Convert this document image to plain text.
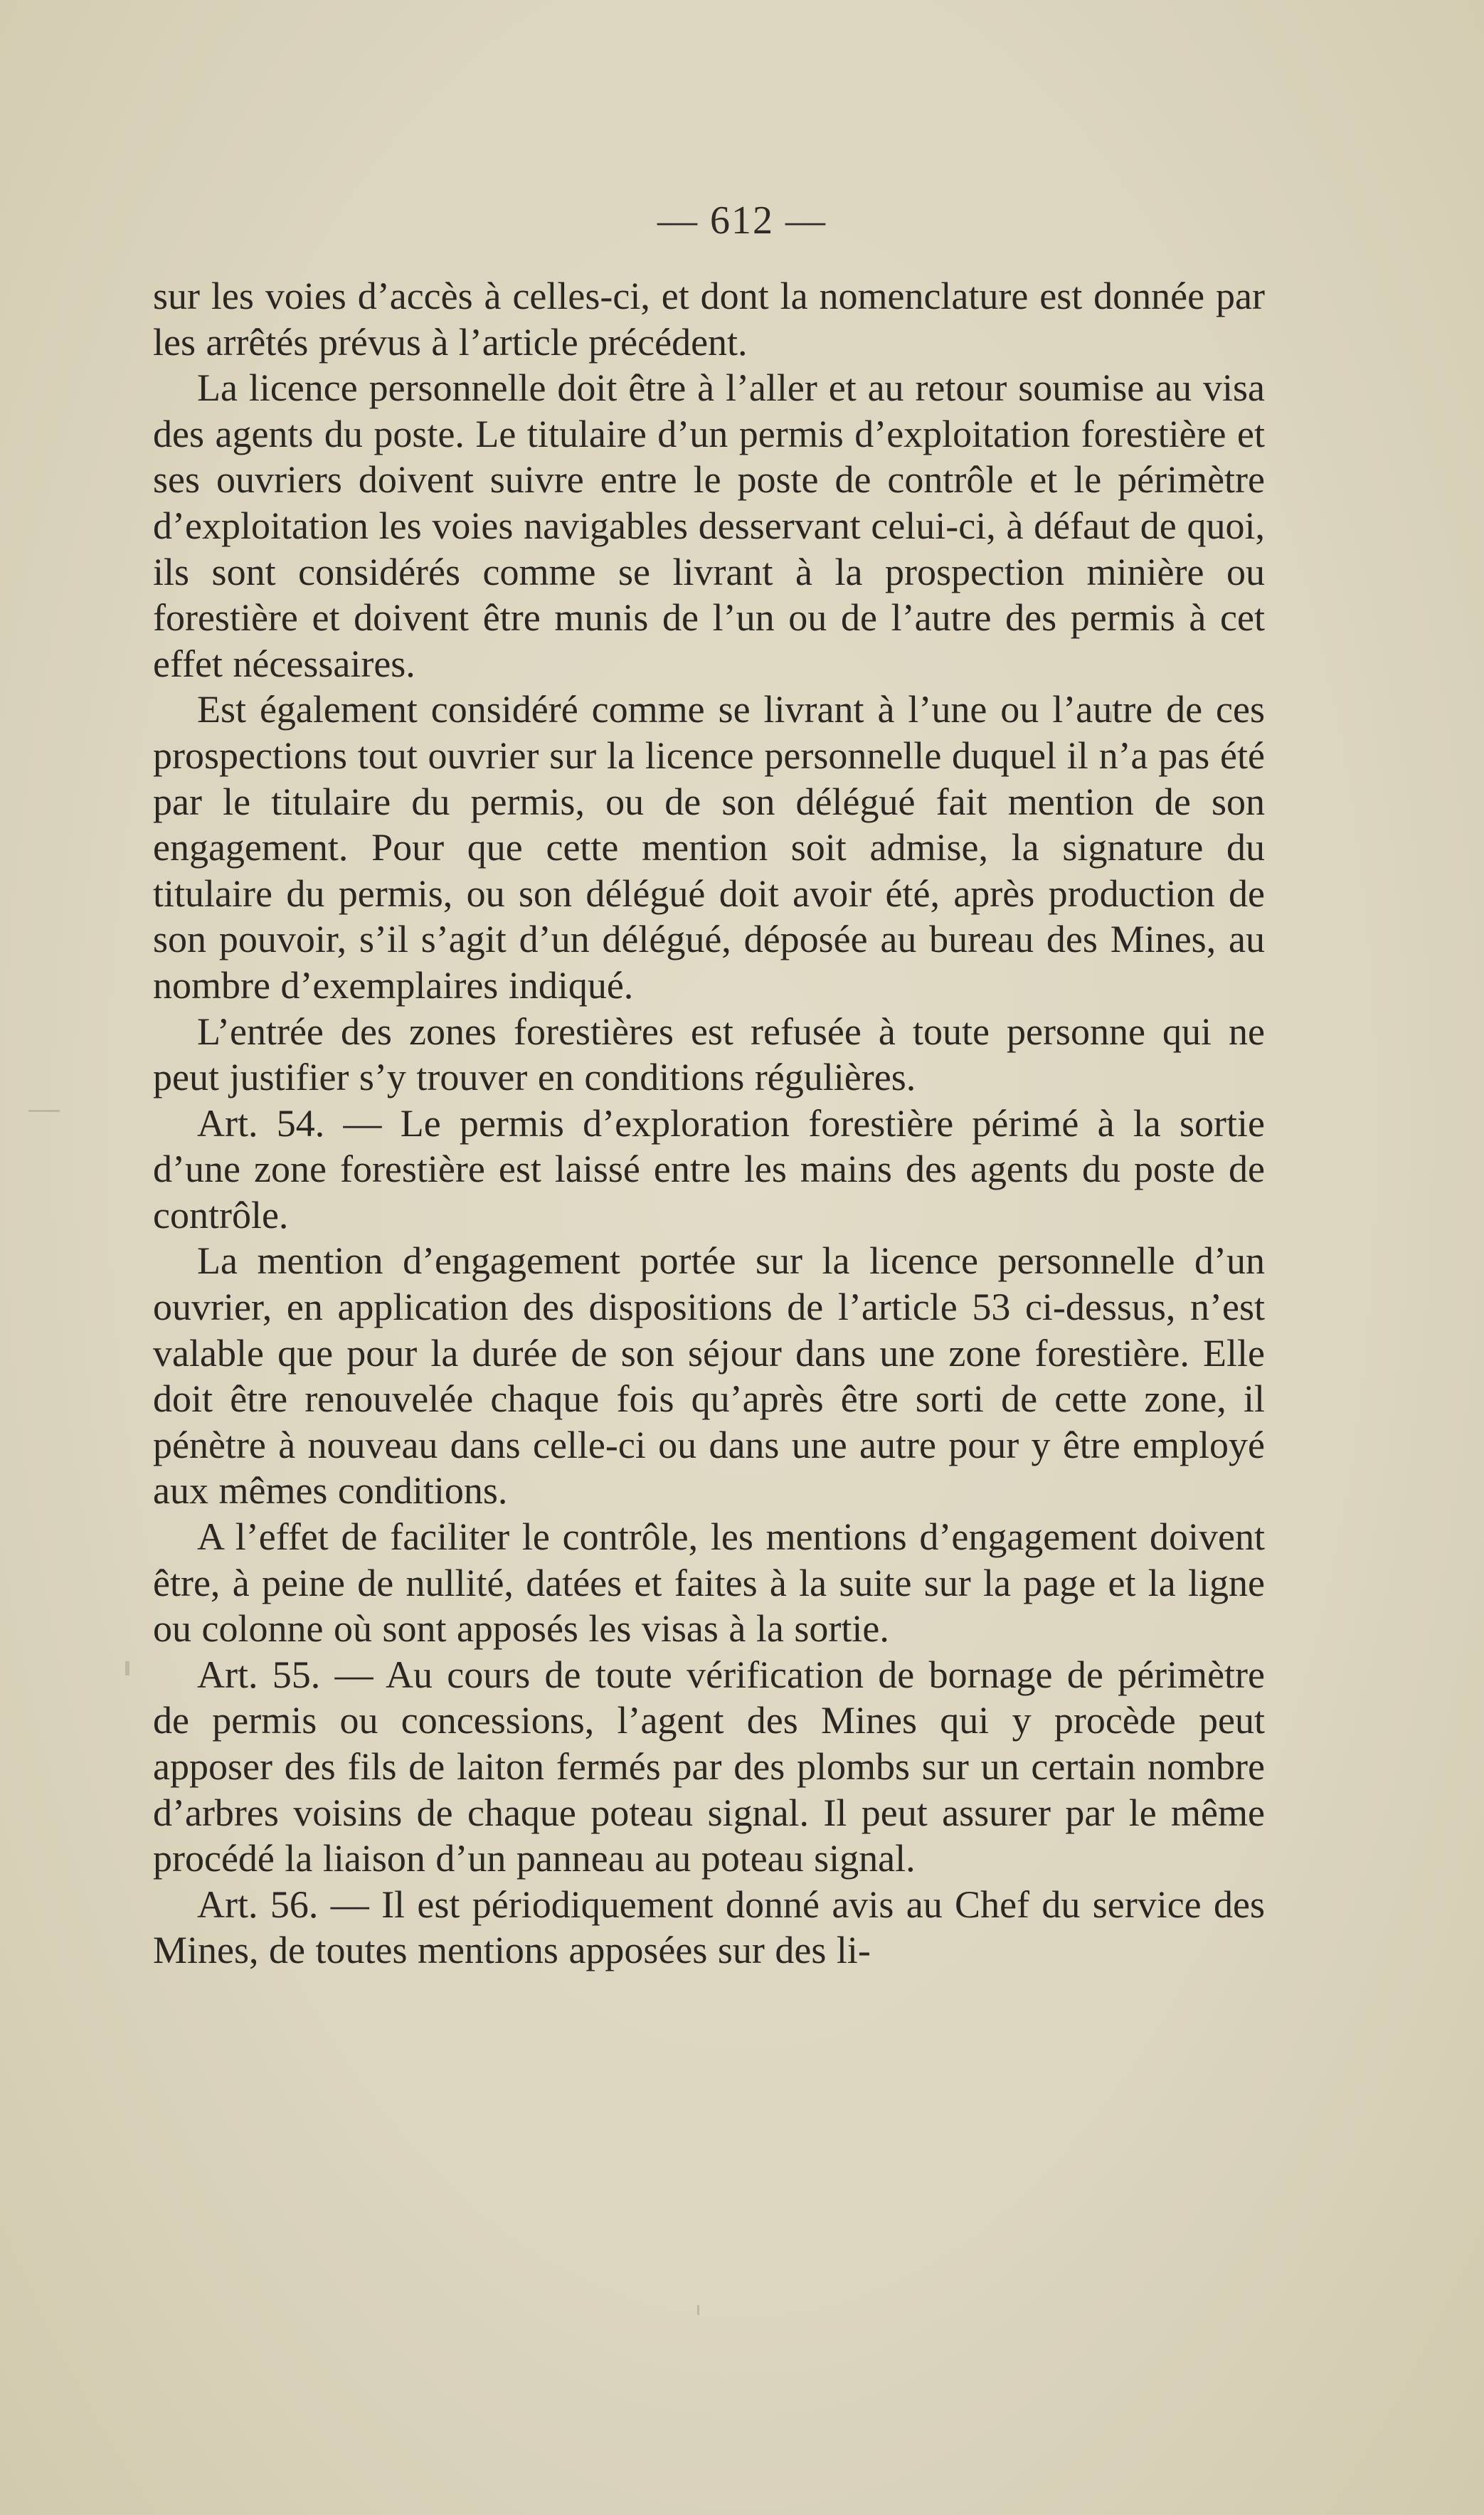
— 612 —

sur les voies d’accès à celles-ci, et dont la nomenclature est donnée par les arrêtés prévus à l’article précédent.

La licence personnelle doit être à l’aller et au retour soumise au visa des agents du poste. Le titulaire d’un permis d’exploitation forestière et ses ouvriers doivent suivre entre le poste de contrôle et le périmètre d’exploitation les voies navigables desservant celui-ci, à défaut de quoi, ils sont considérés comme se livrant à la prospection minière ou forestière et doivent être munis de l’un ou de l’autre des permis à cet effet nécessaires.

Est également considéré comme se livrant à l’une ou l’autre de ces prospections tout ouvrier sur la licence personnelle duquel il n’a pas été par le titulaire du permis, ou de son délégué fait mention de son engagement. Pour que cette mention soit admise, la signature du titulaire du permis, ou son délégué doit avoir été, après production de son pouvoir, s’il s’agit d’un délégué, déposée au bureau des Mines, au nombre d’exemplaires indiqué.

L’entrée des zones forestières est refusée à toute personne qui ne peut justifier s’y trouver en conditions régulières.

Art. 54. — Le permis d’exploration forestière périmé à la sortie d’une zone forestière est laissé entre les mains des agents du poste de contrôle.

La mention d’engagement portée sur la licence personnelle d’un ouvrier, en application des dispositions de l’article 53 ci-dessus, n’est valable que pour la durée de son séjour dans une zone forestière. Elle doit être renouvelée chaque fois qu’après être sorti de cette zone, il pénètre à nouveau dans celle-ci ou dans une autre pour y être employé aux mêmes conditions.

A l’effet de faciliter le contrôle, les mentions d’engagement doivent être, à peine de nullité, datées et faites à la suite sur la page et la ligne ou colonne où sont apposés les visas à la sortie.

Art. 55. — Au cours de toute vérification de bornage de périmètre de permis ou concessions, l’agent des Mines qui y procède peut apposer des fils de laiton fermés par des plombs sur un certain nombre d’arbres voisins de chaque poteau signal. Il peut assurer par le même procédé la liaison d’un panneau au poteau signal.

Art. 56. — Il est périodiquement donné avis au Chef du service des Mines, de toutes mentions apposées sur des li-
